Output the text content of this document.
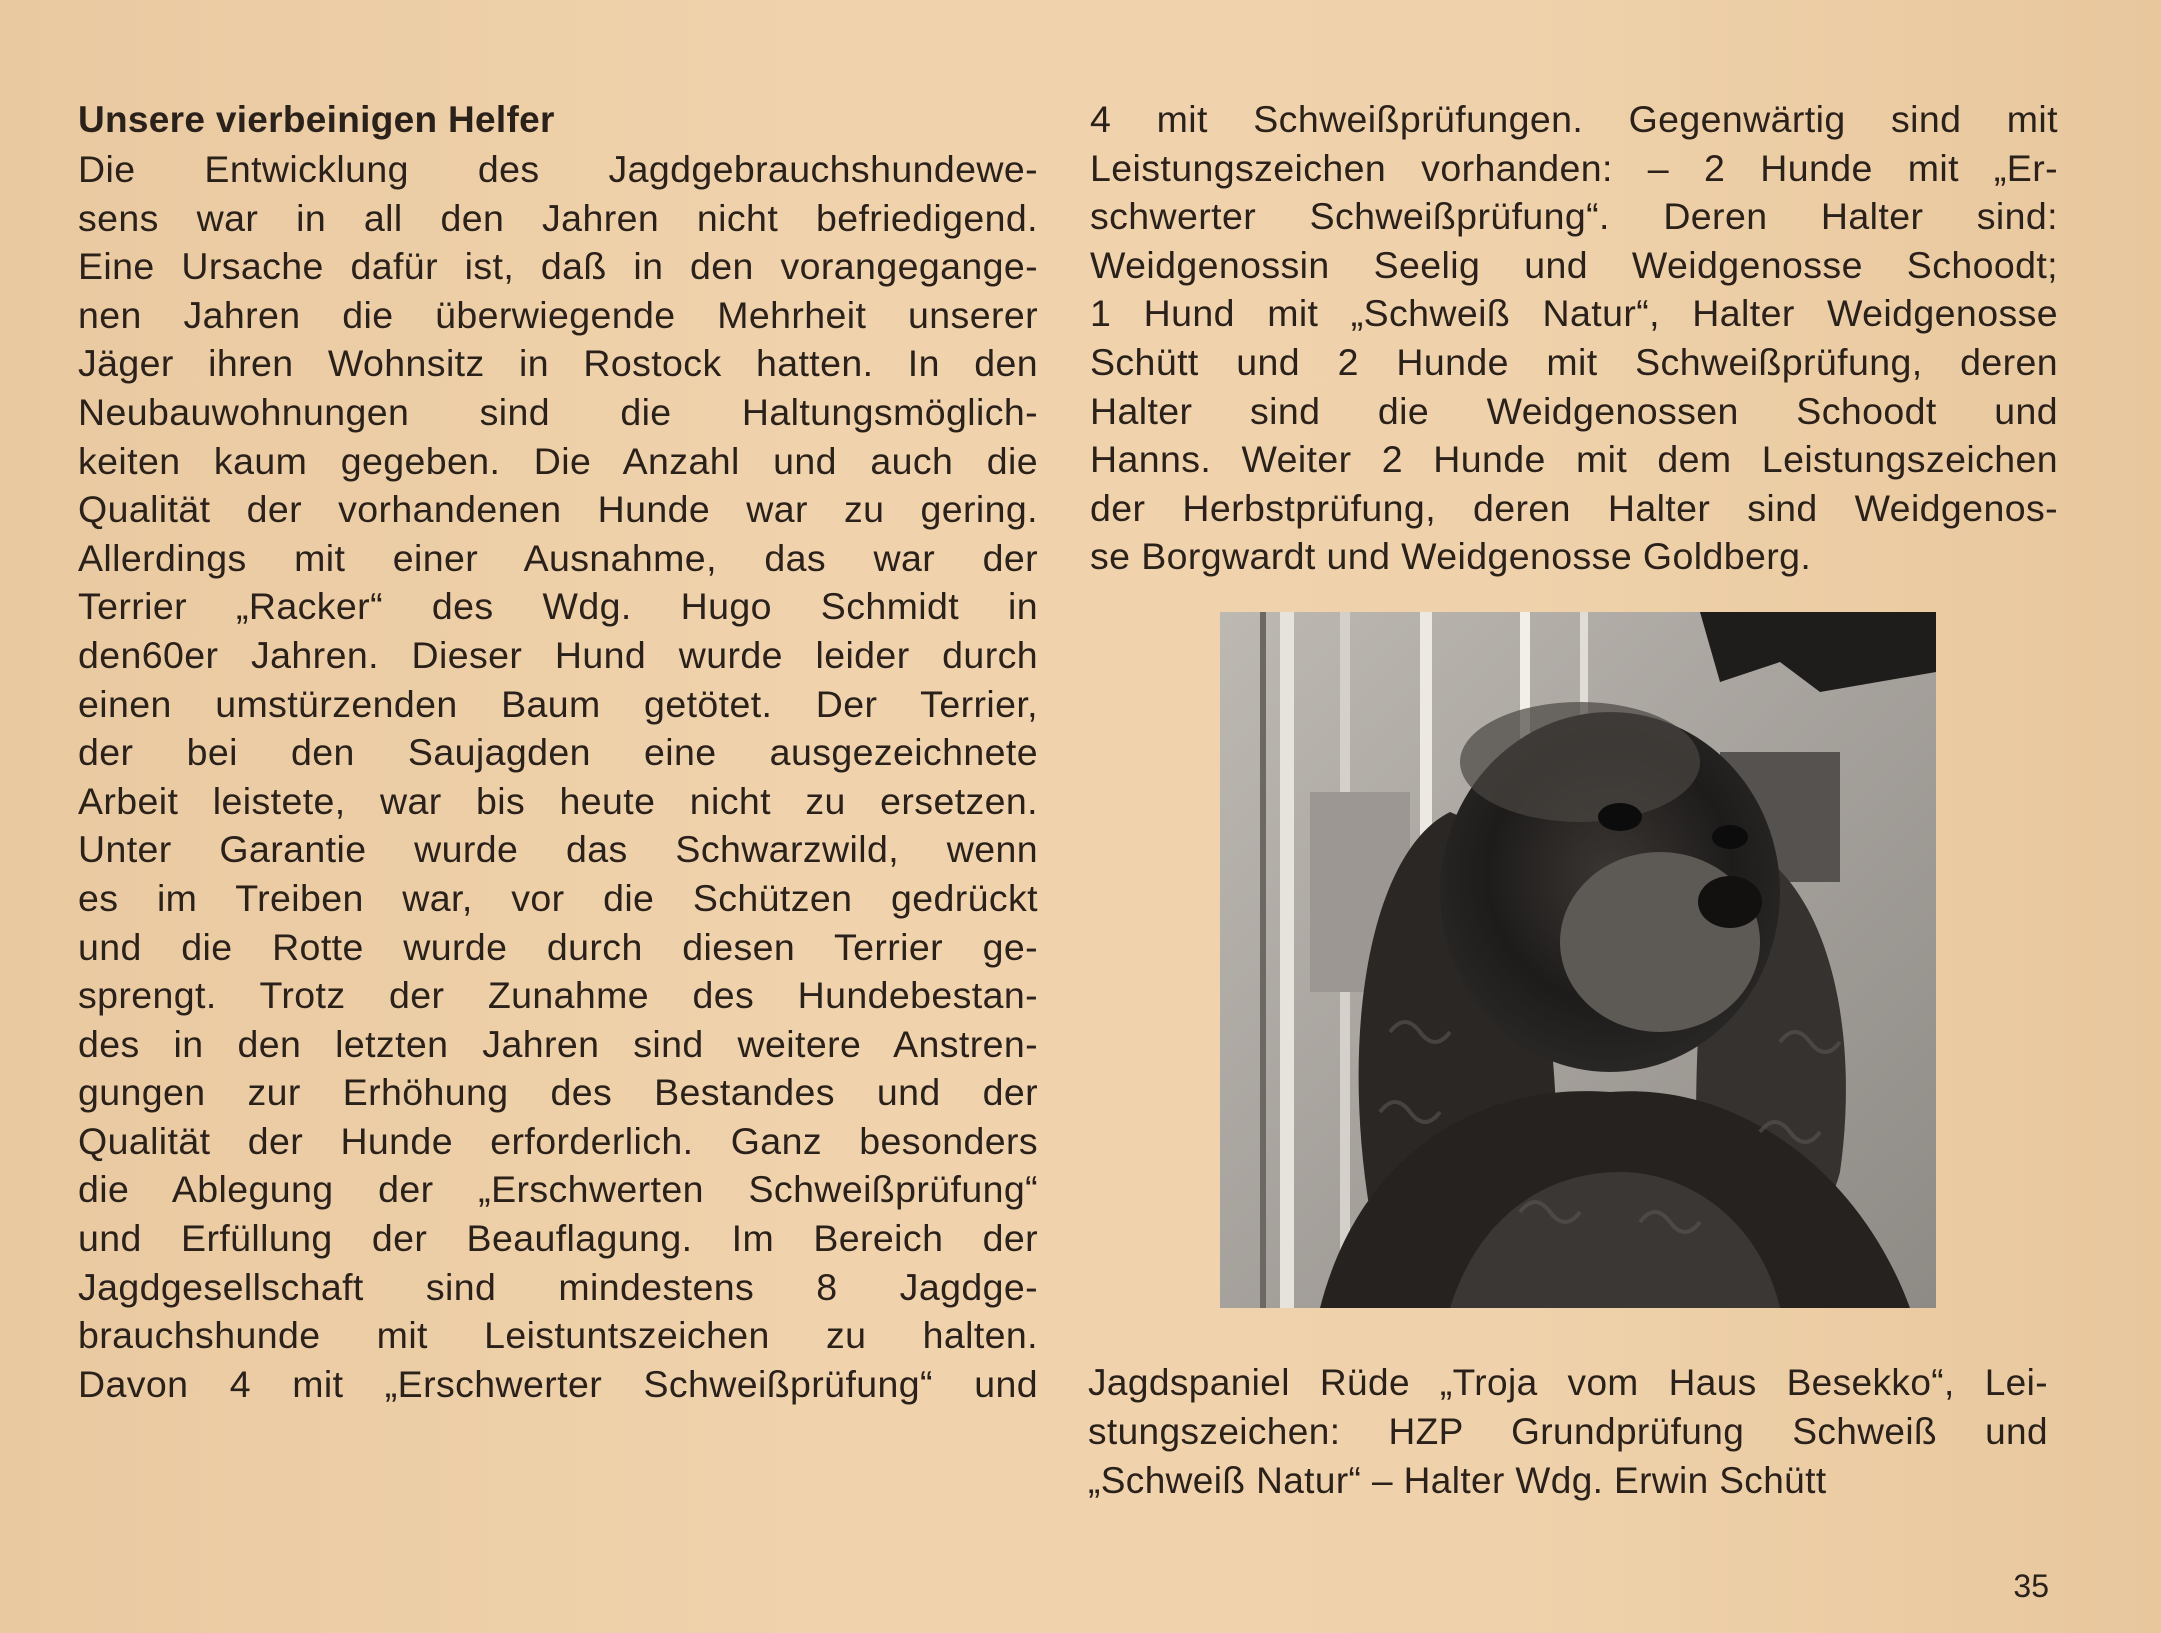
Unsere vierbeinigen Helfer

Die Entwicklung des Jagdgebrauchshundewe-

sens war in all den Jahren nicht befriedigend.

Eine Ursache dafür ist, daß in den vorangegange-

nen Jahren die überwiegende Mehrheit unserer

Jäger ihren Wohnsitz in Rostock hatten. In den

Neubauwohnungen sind die Haltungsmöglich-

keiten kaum gegeben. Die Anzahl und auch die

Qualität der vorhandenen Hunde war zu gering.

Allerdings mit einer Ausnahme, das war der

Terrier „Racker“ des Wdg. Hugo Schmidt in

den60er Jahren. Dieser Hund wurde leider durch

einen umstürzenden Baum getötet. Der Terrier,

der bei den Saujagden eine ausgezeichnete

Arbeit leistete, war bis heute nicht zu ersetzen.

Unter Garantie wurde das Schwarzwild, wenn

es im Treiben war, vor die Schützen gedrückt

und die Rotte wurde durch diesen Terrier ge-

sprengt. Trotz der Zunahme des Hundebestan-

des in den letzten Jahren sind weitere Anstren-

gungen zur Erhöhung des Bestandes und der

Qualität der Hunde erforderlich. Ganz besonders

die Ablegung der „Erschwerten Schweißprüfung“

und Erfüllung der Beauflagung. Im Bereich der

Jagdgesellschaft sind mindestens 8 Jagdge-

brauchshunde mit Leistuntszeichen zu halten.

Davon 4 mit „Erschwerter Schweißprüfung“ und

4 mit Schweißprüfungen. Gegenwärtig sind mit

Leistungszeichen vorhanden: – 2 Hunde mit „Er-

schwerter Schweißprüfung“. Deren Halter sind:

Weidgenossin Seelig und Weidgenosse Schoodt;

1 Hund mit „Schweiß Natur“, Halter Weidgenosse

Schütt und 2 Hunde mit Schweißprüfung, deren

Halter sind die Weidgenossen Schoodt und

Hanns. Weiter 2 Hunde mit dem Leistungszeichen

der Herbstprüfung, deren Halter sind Weidgenos-

se Borgwardt und Weidgenosse Goldberg.

Jagdspaniel Rüde „Troja vom Haus Besekko“, Lei-

stungszeichen: HZP Grundprüfung Schweiß und

„Schweiß Natur“ – Halter Wdg. Erwin Schütt

35
